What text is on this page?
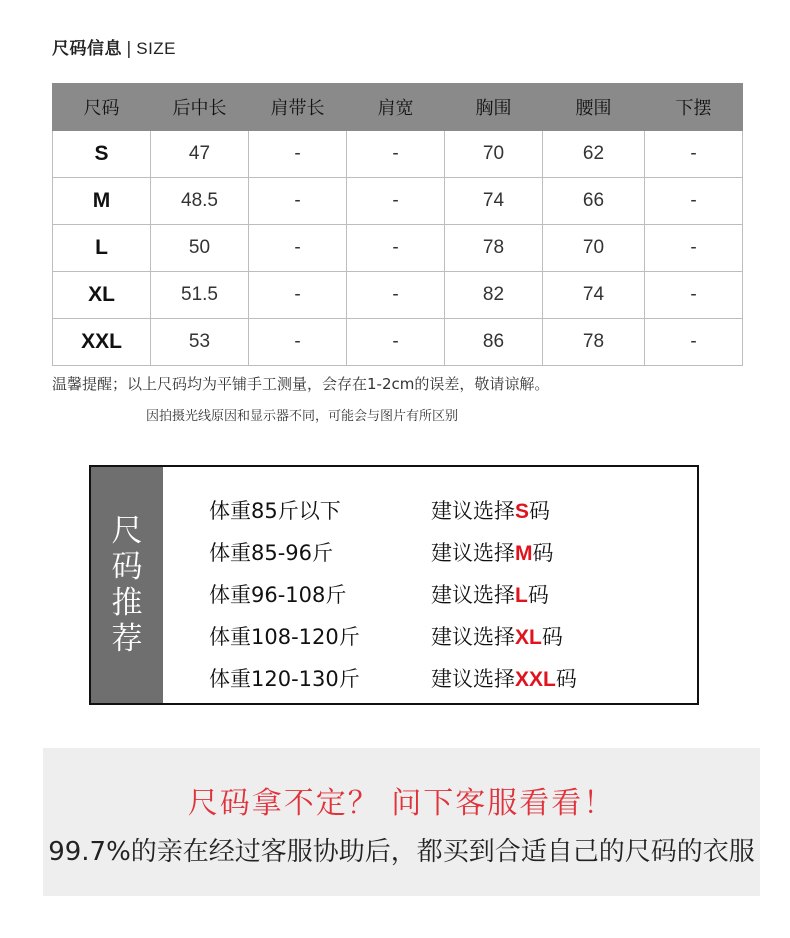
尺码信息 | SIZE
尺码	后中长	肩带长	肩宽	胸围	腰围	下摆
S	47	-	-	70	62	-
M	48.5	-	-	74	66	-
L	50	-	-	78	70	-
XL	51.5	-	-	82	74	-
XXL	53	-	-	86	78	-
温馨提醒；以上尺码均为平铺手工测量，会存在1-2cm的误差，敬请谅解。
因拍摄光线原因和显示器不同，可能会与图片有所区别
尺
码
推
荐
体重85斤以下	建议选择S码
体重85-96斤	建议选择M码
体重96-108斤	建议选择L码
体重108-120斤	建议选择XL码
体重120-130斤	建议选择XXL码
尺码拿不定？ 问下客服看看！
99.7%的亲在经过客服协助后，都买到合适自己的尺码的衣服
